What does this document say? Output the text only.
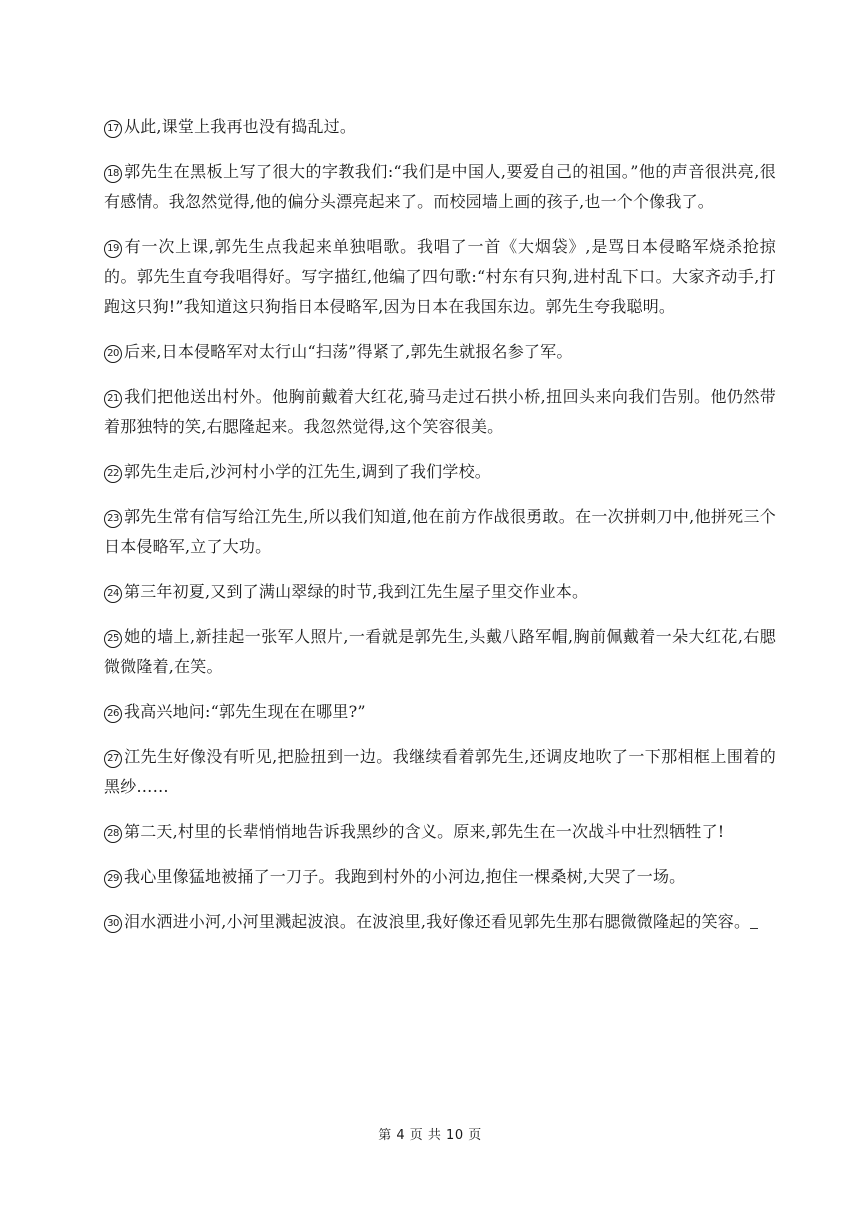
17 从此,课堂上我再也没有捣乱过。

18 郭先生在黑板上写了很大的字教我们:“我们是中国人,要爱自己的祖国。”他的声音很洪亮,很有感情。我忽然觉得,他的偏分头漂亮起来了。而校园墙上画的孩子,也一个个像我了。

19 有一次上课,郭先生点我起来单独唱歌。我唱了一首《大烟袋》,是骂日本侵略军烧杀抢掠的。郭先生直夸我唱得好。写字描红,他编了四句歌:“村东有只狗,进村乱下口。大家齐动手,打跑这只狗!”我知道这只狗指日本侵略军,因为日本在我国东边。郭先生夸我聪明。

20 后来,日本侵略军对太行山“扫荡”得紧了,郭先生就报名参了军。

21 我们把他送出村外。他胸前戴着大红花,骑马走过石拱小桥,扭回头来向我们告别。他仍然带着那独特的笑,右腮隆起来。我忽然觉得,这个笑容很美。

22 郭先生走后,沙河村小学的江先生,调到了我们学校。

23 郭先生常有信写给江先生,所以我们知道,他在前方作战很勇敢。在一次拼刺刀中,他拼死三个日本侵略军,立了大功。

24 第三年初夏,又到了满山翠绿的时节,我到江先生屋子里交作业本。

25 她的墙上,新挂起一张军人照片,一看就是郭先生,头戴八路军帽,胸前佩戴着一朵大红花,右腮微微隆着,在笑。

26 我高兴地问:“郭先生现在在哪里?”

27 江先生好像没有听见,把脸扭到一边。我继续看着郭先生,还调皮地吹了一下那相框上围着的黑纱……

28 第二天,村里的长辈悄悄地告诉我黑纱的含义。原来,郭先生在一次战斗中壮烈牺牲了!

29 我心里像猛地被捅了一刀子。我跑到村外的小河边,抱住一棵桑树,大哭了一场。

30 泪水洒进小河,小河里溅起波浪。在波浪里,我好像还看见郭先生那右腮微微隆起的笑容。

第 4 页 共 10 页
